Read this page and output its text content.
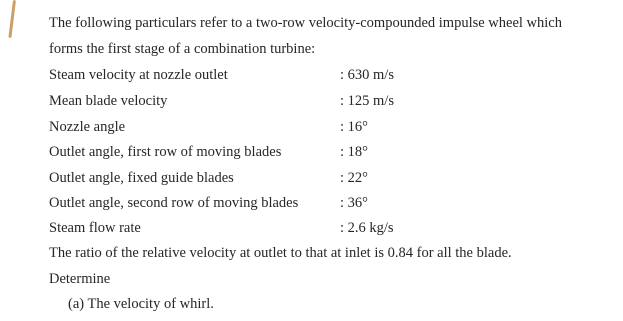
The following particulars refer to a two-row velocity-compounded impulse wheel which
forms the first stage of a combination turbine:
Steam velocity at nozzle outlet	: 630 m/s
Mean blade velocity	: 125 m/s
Nozzle angle	: 16°
Outlet angle, first row of moving blades	: 18°
Outlet angle, fixed guide blades	: 22°
Outlet angle, second row of moving blades	: 36°
Steam flow rate	: 2.6 kg/s
The ratio of the relative velocity at outlet to that at inlet is 0.84 for all the blade.
Determine
(a) The velocity of whirl.
